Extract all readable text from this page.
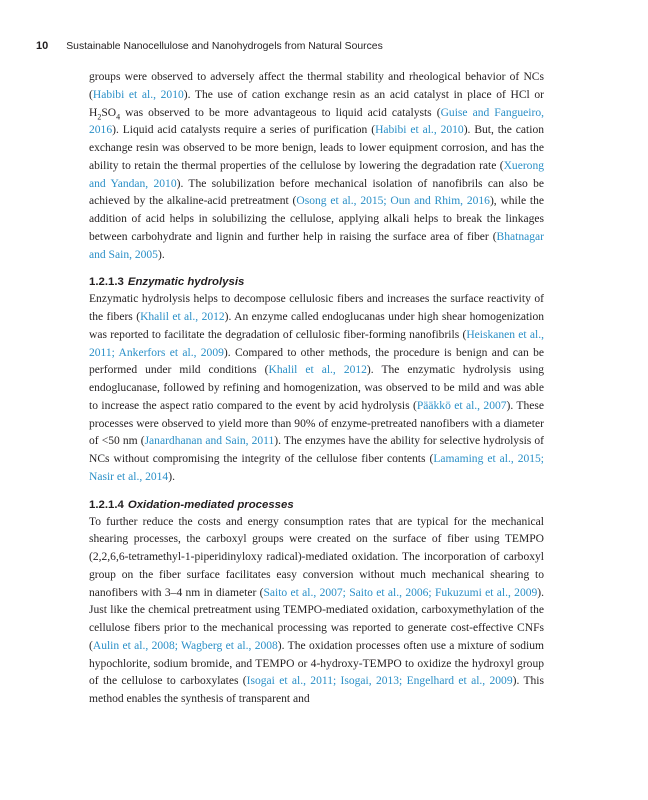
10 Sustainable Nanocellulose and Nanohydrogels from Natural Sources

groups were observed to adversely affect the thermal stability and rheological behavior of NCs (Habibi et al., 2010). The use of cation exchange resin as an acid catalyst in place of HCl or $H_2SO_4$ was observed to be more advantageous to liquid acid catalysts (Guise and Fangueiro, 2016). Liquid acid catalysts require a series of purification (Habibi et al., 2010). But, the cation exchange resin was observed to be more benign, leads to lower equipment corrosion, and has the ability to retain the thermal properties of the cellulose by lowering the degradation rate (Xuerong and Yandan, 2010). The solubilization before mechanical isolation of nanofibrils can also be achieved by the alkaline-acid pretreatment (Osong et al., 2015; Oun and Rhim, 2016), while the addition of acid helps in solubilizing the cellulose, applying alkali helps to break the linkages between carbohydrate and lignin and further help in raising the surface area of fiber (Bhatnagar and Sain, 2005).

1.2.1.3 Enzymatic hydrolysis

Enzymatic hydrolysis helps to decompose cellulosic fibers and increases the surface reactivity of the fibers (Khalil et al., 2012). An enzyme called endoglucanas under high shear homogenization was reported to facilitate the degradation of cellulosic fiber-forming nanofibrils (Heiskanen et al., 2011; Ankerfors et al., 2009). Compared to other methods, the procedure is benign and can be performed under mild conditions (Khalil et al., 2012). The enzymatic hydrolysis using endoglucanase, followed by refining and homogenization, was observed to be mild and was able to increase the aspect ratio compared to the event by acid hydrolysis (Pääkkö et al., 2007). These processes were observed to yield more than 90% of enzyme-pretreated nanofibers with a diameter of <50 nm (Janardhanan and Sain, 2011). The enzymes have the ability for selective hydrolysis of NCs without compromising the integrity of the cellulose fiber contents (Lamaming et al., 2015; Nasir et al., 2014).

1.2.1.4 Oxidation-mediated processes

To further reduce the costs and energy consumption rates that are typical for the mechanical shearing processes, the carboxyl groups were created on the surface of fiber using TEMPO (2,2,6,6-tetramethyl-1-piperidinyloxy radical)-mediated oxidation. The incorporation of carboxyl group on the fiber surface facilitates easy conversion without much mechanical shearing to nanofibers with 3–4 nm in diameter (Saito et al., 2007; Saito et al., 2006; Fukuzumi et al., 2009). Just like the chemical pretreatment using TEMPO-mediated oxidation, carboxymethylation of the cellulose fibers prior to the mechanical processing was reported to generate cost-effective CNFs (Aulin et al., 2008; Wagberg et al., 2008). The oxidation processes often use a mixture of sodium hypochlorite, sodium bromide, and TEMPO or 4-hydroxy-TEMPO to oxidize the hydroxyl group of the cellulose to carboxylates (Isogai et al., 2011; Isogai, 2013; Engelhard et al., 2009). This method enables the synthesis of transparent and
